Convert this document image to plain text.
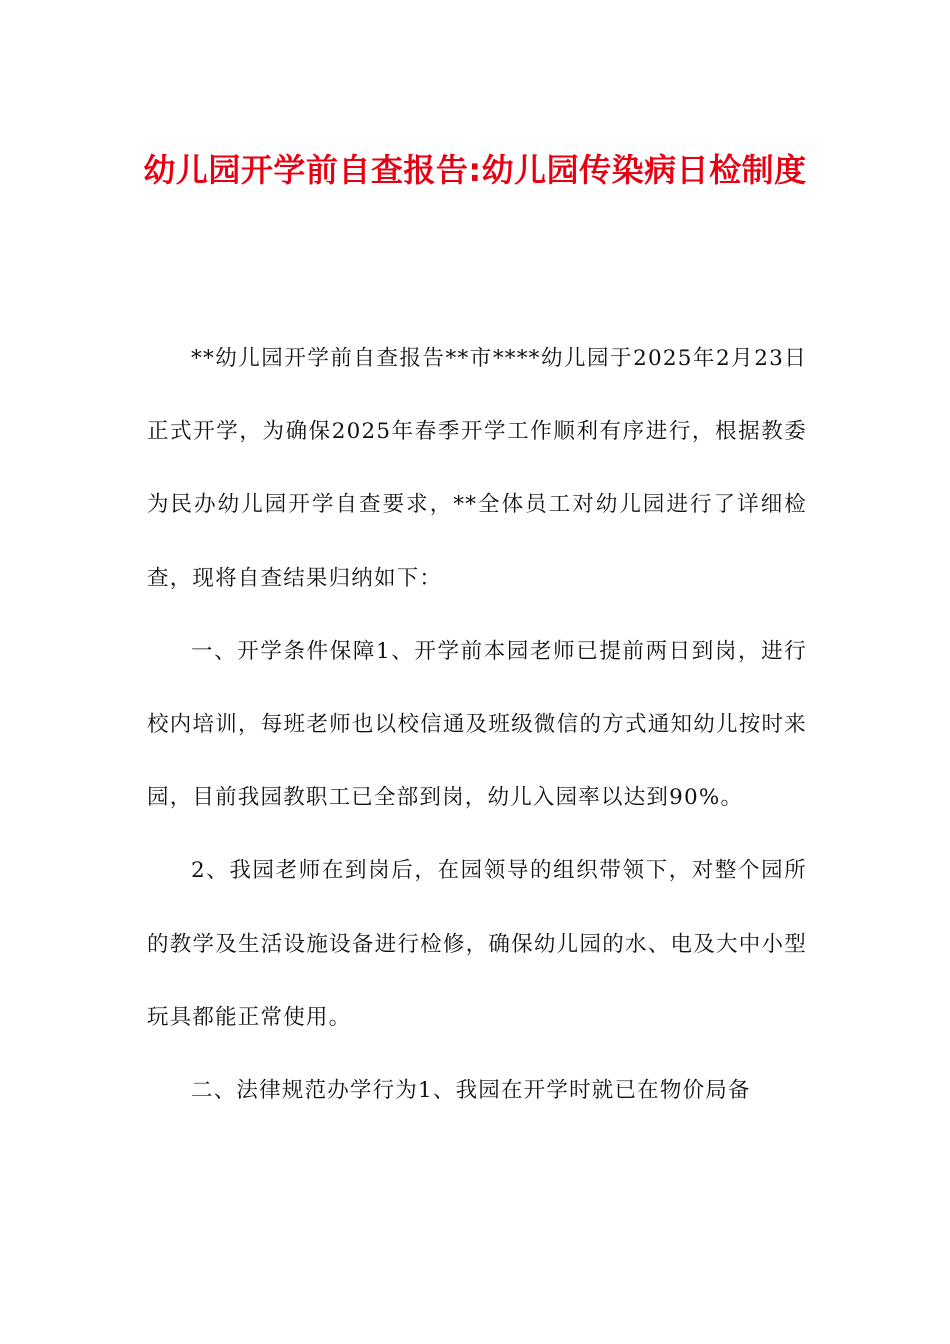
幼儿园开学前自查报告:幼儿园传染病日检制度

**幼儿园开学前自查报告**市****幼儿园于2025年2月23日正式开学，为确保2025年春季开学工作顺利有序进行，根据教委为民办幼儿园开学自查要求，**全体员工对幼儿园进行了详细检查，现将自查结果归纳如下：

一、开学条件保障1、开学前本园老师已提前两日到岗，进行校内培训，每班老师也以校信通及班级微信的方式通知幼儿按时来园，目前我园教职工已全部到岗，幼儿入园率以达到90%。

2、我园老师在到岗后，在园领导的组织带领下，对整个园所的教学及生活设施设备进行检修，确保幼儿园的水、电及大中小型玩具都能正常使用。

二、法律规范办学行为1、我园在开学时就已在物价局备
